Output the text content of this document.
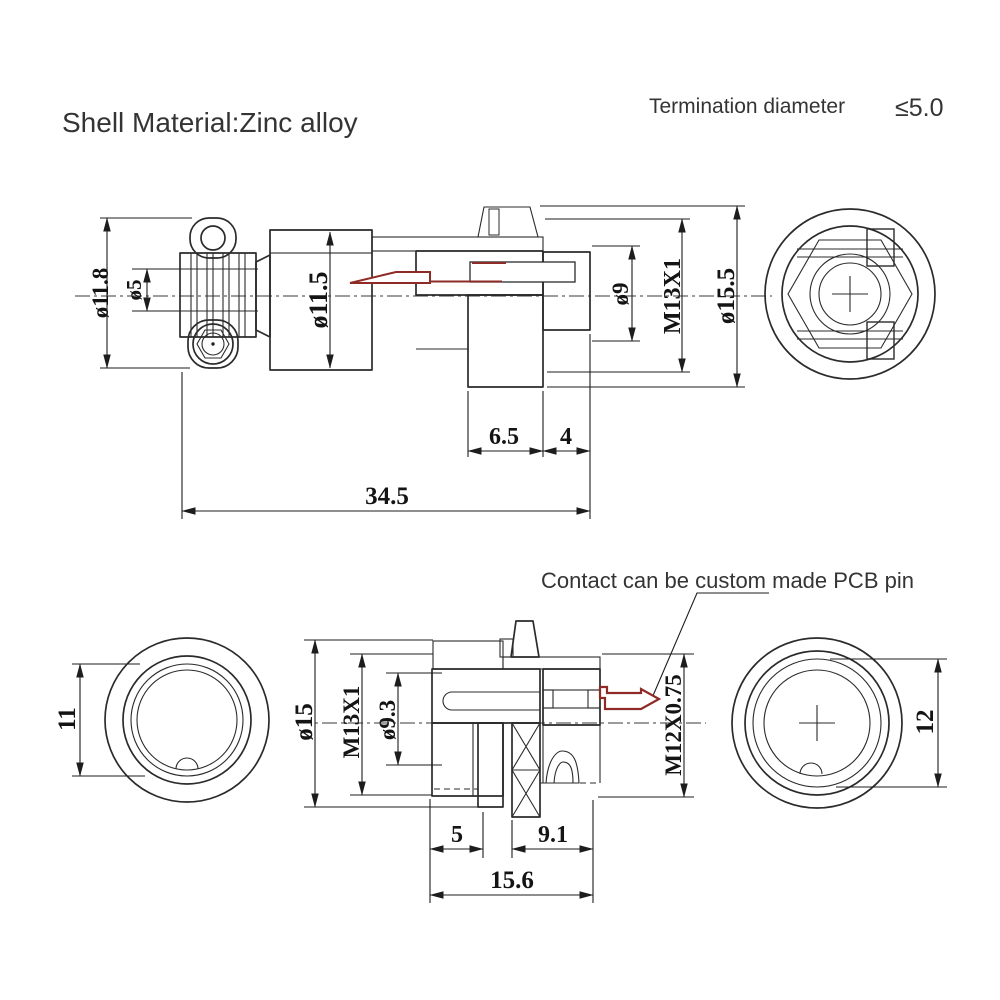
Shell Material:Zinc alloy
Termination diameter ≤5.0
ø11.8 ø5	ø11.5	ø9 M13X1 ø15.5
6.5 4
34.5
Contact can be custom made PCB pin
11	ø15 M13X1 ø9.3	M12X0.75
5	9.1
15.6
12
